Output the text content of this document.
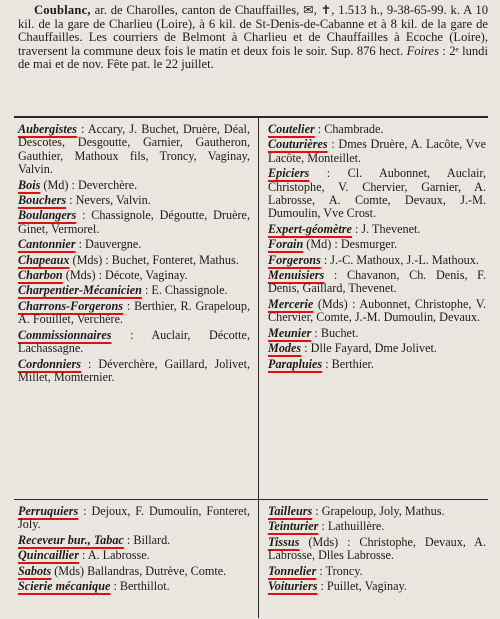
Coublanc, ar. de Charolles, canton de Chauffailles, ✉, ✝, 1.513 h., 9-38-65-99. k. A 10 kil. de la gare de Charlieu (Loire), à 6 kil. de St-Denis-de-Cabanne et à 8 kil. de la gare de Chauffailles. Les courriers de Belmont à Charlieu et de Chauffailles à Ecoche (Loire), traversent la commune deux fois le matin et deux fois le soir. Sup. 876 hect. Foires : 2ᵉ lundi de mai et de nov. Fête pat. le 22 juillet.

Aubergistes : Accary, J. Buchet, Druère, Déal, Descotes, Desgoutte, Garnier, Gautheron, Gauthier, Mathoux fils, Troncy, Vaginay, Valvin.

Bois (Md) : Deverchère.

Bouchers : Nevers, Valvin.

Boulangers : Chassignole, Dégoutte, Druère, Ginet, Vermorel.

Cantonnier : Dauvergne.

Chapeaux (Mds) : Buchet, Fonteret, Mathus.

Charbon (Mds) : Décote, Vaginay.

Charpentier-Mécanicien : E. Chassignole.

Charrons-Forgerons : Berthier, R. Grapeloup, A. Fouillet, Verchère.

Commissionnaires : Auclair, Décotte, Lachassagne.

Cordonniers : Déverchère, Gaillard, Jolivet, Millet, Momternier.

Coutelier : Chambrade.

Couturières : Dmes Druère, A. Lacôte, Vve Lacôte, Monteillet.

Epiciers : Cl. Aubonnet, Auclair, Christophe, V. Chervier, Garnier, A. Labrosse, A. Comte, Devaux, J.-M. Dumoulin, Vve Crost.

Expert-géomètre : J. Thevenet.

Forain (Md) : Desmurger.

Forgerons : J.-C. Mathoux, J.-L. Mathoux.

Menuisiers : Chavanon, Ch. Denis, F. Denis, Gaillard, Thevenet.

Mercerie (Mds) : Aubonnet, Christophe, V. Chervier, Comte, J.-M. Dumoulin, Devaux.

Meunier : Buchet.

Modes : Dlle Fayard, Dme Jolivet.

Parapluies : Berthier.

Perruquiers : Dejoux, F. Dumoulin, Fonteret, Joly.

Receveur bur., Tabac : Billard.

Quincaillier : A. Labrosse.

Sabots (Mds) Ballandras, Dutrève, Comte.

Scierie mécanique : Berthillot.

Tailleurs : Grapeloup, Joly, Mathus.

Teinturier : Lathuillère.

Tissus (Mds) : Christophe, Devaux, A. Labrosse, Dlles Labrosse.

Tonnelier : Troncy.

Voituriers : Puillet, Vaginay.
